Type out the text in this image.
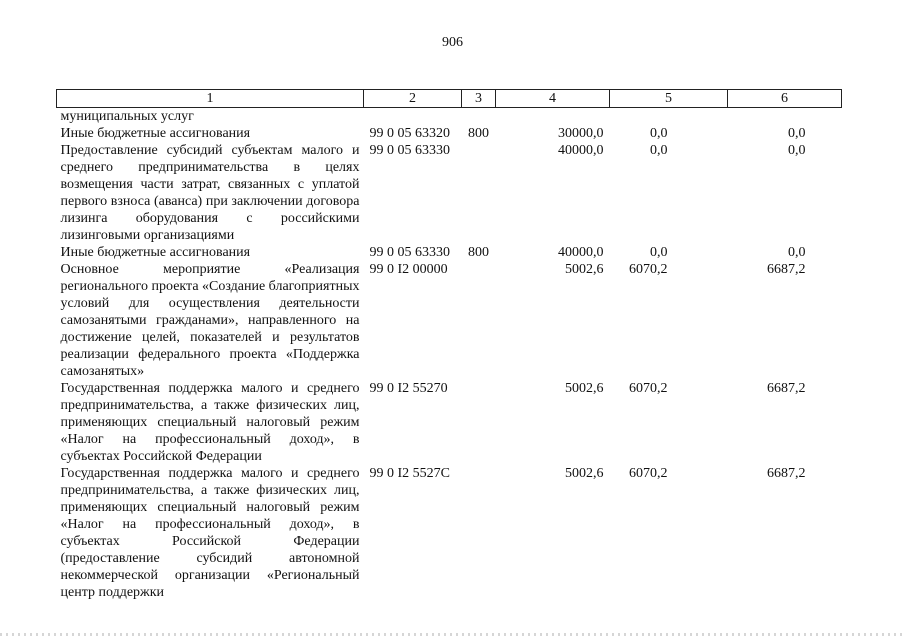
906
1	2	3	4	5	6
муниципальных услуг					
Иные бюджетные ассигнования	99 0 05 63320	800	30000,0	0,0	0,0
Предоставление субсидий субъектам малого и среднего предпринимательства в целях возмещения части затрат, связанных с уплатой первого взноса (аванса) при заключении договора лизинга оборудования с российскими лизинговыми организациями	99 0 05 63330		40000,0	0,0	0,0
Иные бюджетные ассигнования	99 0 05 63330	800	40000,0	0,0	0,0
Основное мероприятие «Реализация регионального проекта «Создание благоприятных условий для осуществления деятельности самозанятыми гражданами», направленного на достижение целей, показателей и результатов реализации федерального проекта «Поддержка самозанятых»	99 0 I2 00000		5002,6	6070,2	6687,2
Государственная поддержка малого и среднего предпринимательства, а также физических лиц, применяющих специальный налоговый режим «Налог на профессиональный доход», в субъектах Российской Федерации	99 0 I2 55270		5002,6	6070,2	6687,2
Государственная поддержка малого и среднего предпринимательства, а также физических лиц, применяющих специальный налоговый режим «Налог на профессиональный доход», в субъектах Российской Федерации (предоставление субсидий автономной некоммерческой организации «Региональный центр поддержки	99 0 I2 5527С		5002,6	6070,2	6687,2
